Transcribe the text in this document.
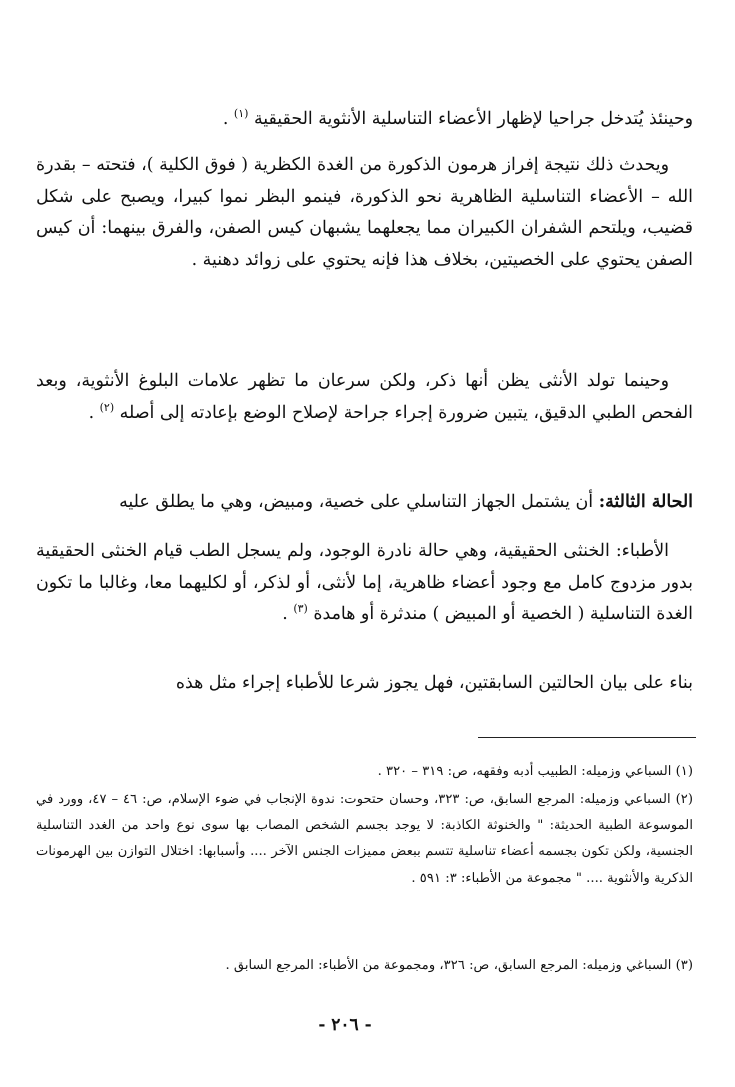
وحينئذ يُتدخل جراحيا لإظهار الأعضاء التناسلية الأنثوية الحقيقية $^{(١)}$ .

ويحدث ذلك نتيجة إفراز هرمون الذكورة من الغدة الكظرية ( فوق الكلية )، فتحته – بقدرة الله – الأعضاء التناسلية الظاهرية نحو الذكورة، فينمو البظر نموا كبيرا، ويصبح على شكل قضيب، ويلتحم الشفران الكبيران مما يجعلهما يشبهان كيس الصفن، والفرق بينهما: أن كيس الصفن يحتوي على الخصيتين، بخلاف هذا فإنه يحتوي على زوائد دهنية .

وحينما تولد الأنثى يظن أنها ذكر، ولكن سرعان ما تظهر علامات البلوغ الأنثوية، وبعد الفحص الطبي الدقيق، يتبين ضرورة إجراء جراحة لإصلاح الوضع بإعادته إلى أصله $^{(٢)}$ .

الحالة الثالثة: أن يشتمل الجهاز التناسلي على خصية، ومبيض، وهي ما يطلق عليه

الأطباء: الخنثى الحقيقية، وهي حالة نادرة الوجود، ولم يسجل الطب قيام الخنثى الحقيقية بدور مزدوج كامل مع وجود أعضاء ظاهرية، إما لأنثى، أو لذكر، أو لكليهما معا، وغالبا ما تكون الغدة التناسلية ( الخصية أو المبيض ) مندثرة أو هامدة $^{(٣)}$ .

بناء على بيان الحالتين السابقتين، فهل يجوز شرعا للأطباء إجراء مثل هذه

(١) السباعي وزميله: الطبيب أدبه وفقهه، ص: ٣١٩ – ٣٢٠ .

(٢) السباعي وزميله: المرجع السابق، ص: ٣٢٣، وحسان حتحوت: ندوة الإنجاب في ضوء الإسلام، ص: ٤٦ – ٤٧، وورد في الموسوعة الطبية الحديثة: " والخنوثة الكاذبة: لا يوجد بجسم الشخص المصاب بها سوى نوع واحد من الغدد التناسلية الجنسية، ولكن تكون بجسمه أعضاء تناسلية تتسم ببعض مميزات الجنس الآخر .... وأسبابها: اختلال التوازن بين الهرمونات الذكرية والأنثوية .... " مجموعة من الأطباء: ٣: ٥٩١ .

(٣) السباغي وزميله: المرجع السابق، ص: ٣٢٦، ومجموعة من الأطباء: المرجع السابق .

- ٢٠٦ -
